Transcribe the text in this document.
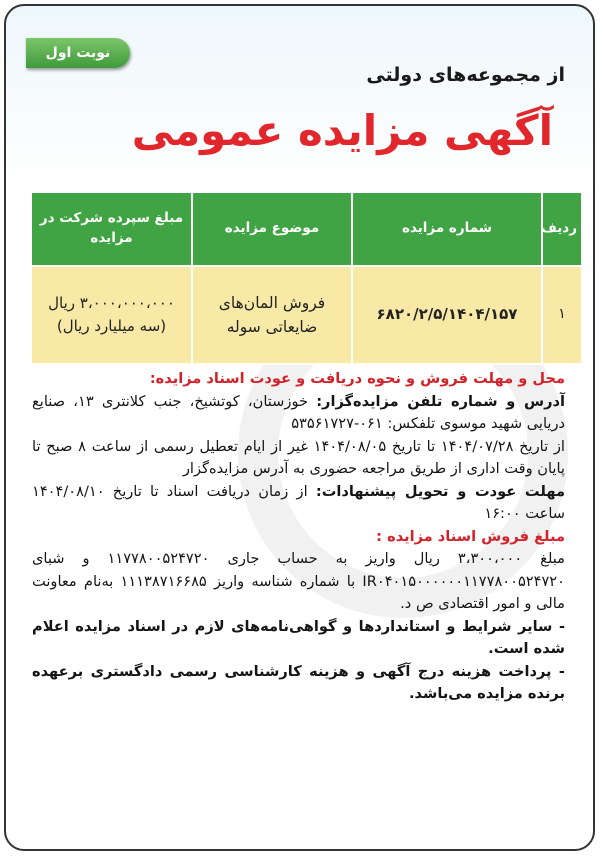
نوبت اول
از مجموعه‌های دولتی
آگهی مزایده عمومی
ردیف	شماره مزایده	موضوع مزایده	مبلغ سپرده شرکت در مزایده
۱	۶۸۲۰/۲/۵/۱۴۰۴/۱۵۷	فروش المان‌های ضایعاتی سوله	۳،۰۰۰،۰۰۰،۰۰۰ ریال (سه میلیارد ریال)

محل و مهلت فروش و نحوه دریافت و عودت اسناد مزایده:

آدرس و شماره تلفن مزایده‌گزار: خوزستان، کوتشیخ، جنب کلانتری ۱۳، صنایع دریایی شهید موسوی تلفکس: ۰۶۱-۵۳۵۶۱۷۲۷

از تاریخ ۱۴۰۴/۰۷/۲۸ تا تاریخ ۱۴۰۴/۰۸/۰۵ غیر از ایام تعطیل رسمی از ساعت ۸ صبح تا پایان وقت اداری از طریق مراجعه حضوری به آدرس مزایده‌گزار

مهلت عودت و تحویل پیشنهادات: از زمان دریافت اسناد تا تاریخ ۱۴۰۴/۰۸/۱۰ ساعت ۱۶:۰۰

مبلغ فروش اسناد مزایده :

مبلغ ۳،۳۰۰،۰۰۰ ریال واریز به حساب جاری ۱۱۷۷۸۰۰۵۲۴۷۲۰ و شبای IR۰۴۰۱۵۰۰۰۰۰۰۱۱۷۷۸۰۰۵۲۴۷۲۰ با شماره شناسه واریز ۱۱۱۳۸۷۱۶۶۸۵ به‌نام معاونت مالی و امور اقتصادی ص د.

- سایر شرایط و استانداردها و گواهی‌نامه‌های لازم در اسناد مزایده اعلام شده است.

- پرداخت هزینه درج آگهی و هزینه کارشناسی رسمی دادگستری برعهده برنده مزایده می‌باشد.
